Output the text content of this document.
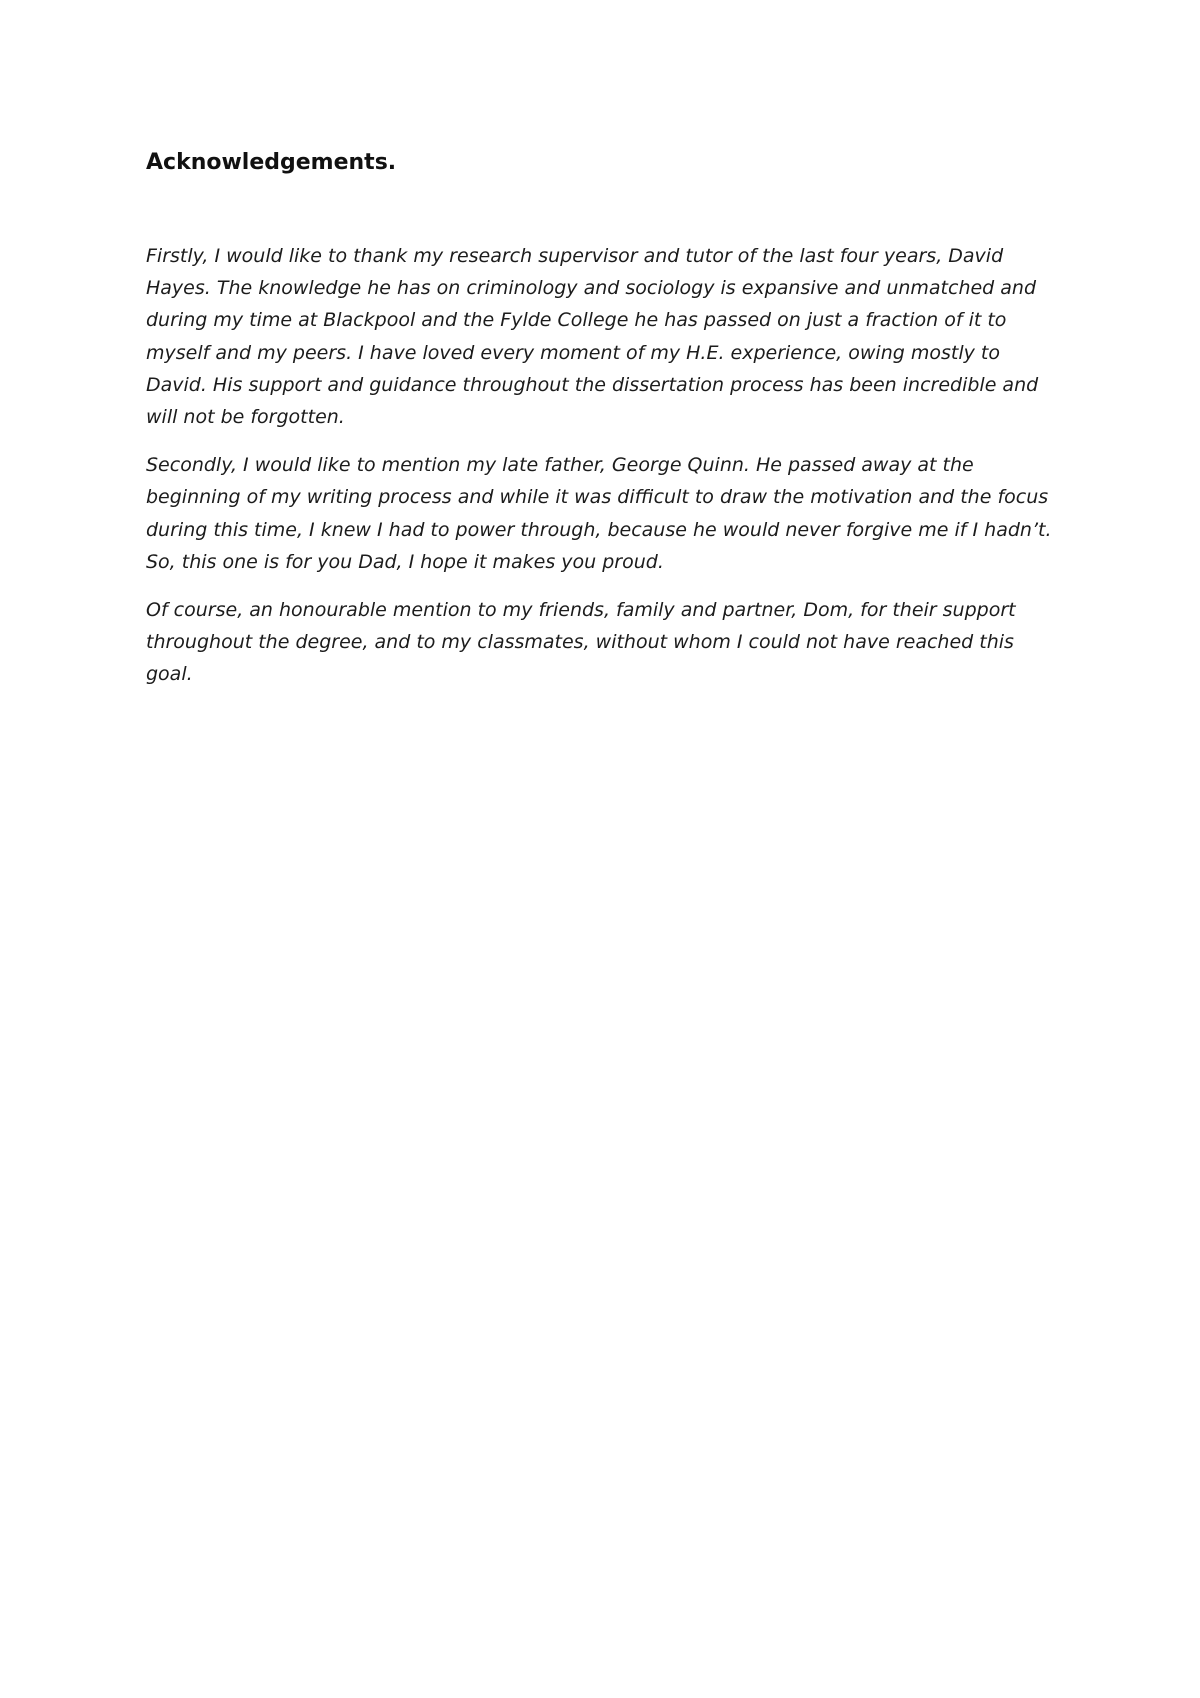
Acknowledgements.

Firstly, I would like to thank my research supervisor and tutor of the last four years, David Hayes. The knowledge he has on criminology and sociology is expansive and unmatched and during my time at Blackpool and the Fylde College he has passed on just a fraction of it to myself and my peers. I have loved every moment of my H.E. experience, owing mostly to David. His support and guidance throughout the dissertation process has been incredible and will not be forgotten.

Secondly, I would like to mention my late father, George Quinn. He passed away at the beginning of my writing process and while it was difficult to draw the motivation and the focus during this time, I knew I had to power through, because he would never forgive me if I hadn’t. So, this one is for you Dad, I hope it makes you proud.

Of course, an honourable mention to my friends, family and partner, Dom, for their support throughout the degree, and to my classmates, without whom I could not have reached this goal.
